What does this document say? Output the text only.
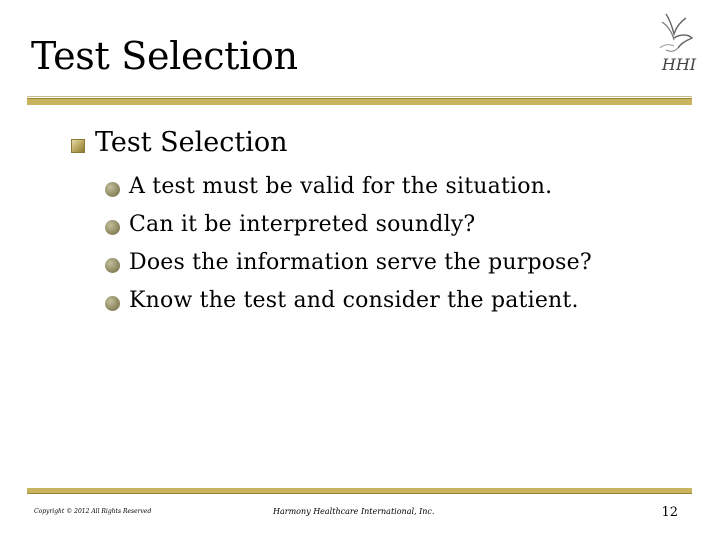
Test Selection	HHI
Test Selection
A test must be valid for the situation.
Can it be interpreted soundly?
Does the information serve the purpose?
Know the test and consider the patient.
Copyright © 2012 All Rights Reserved	Harmony Healthcare International, Inc.	12
